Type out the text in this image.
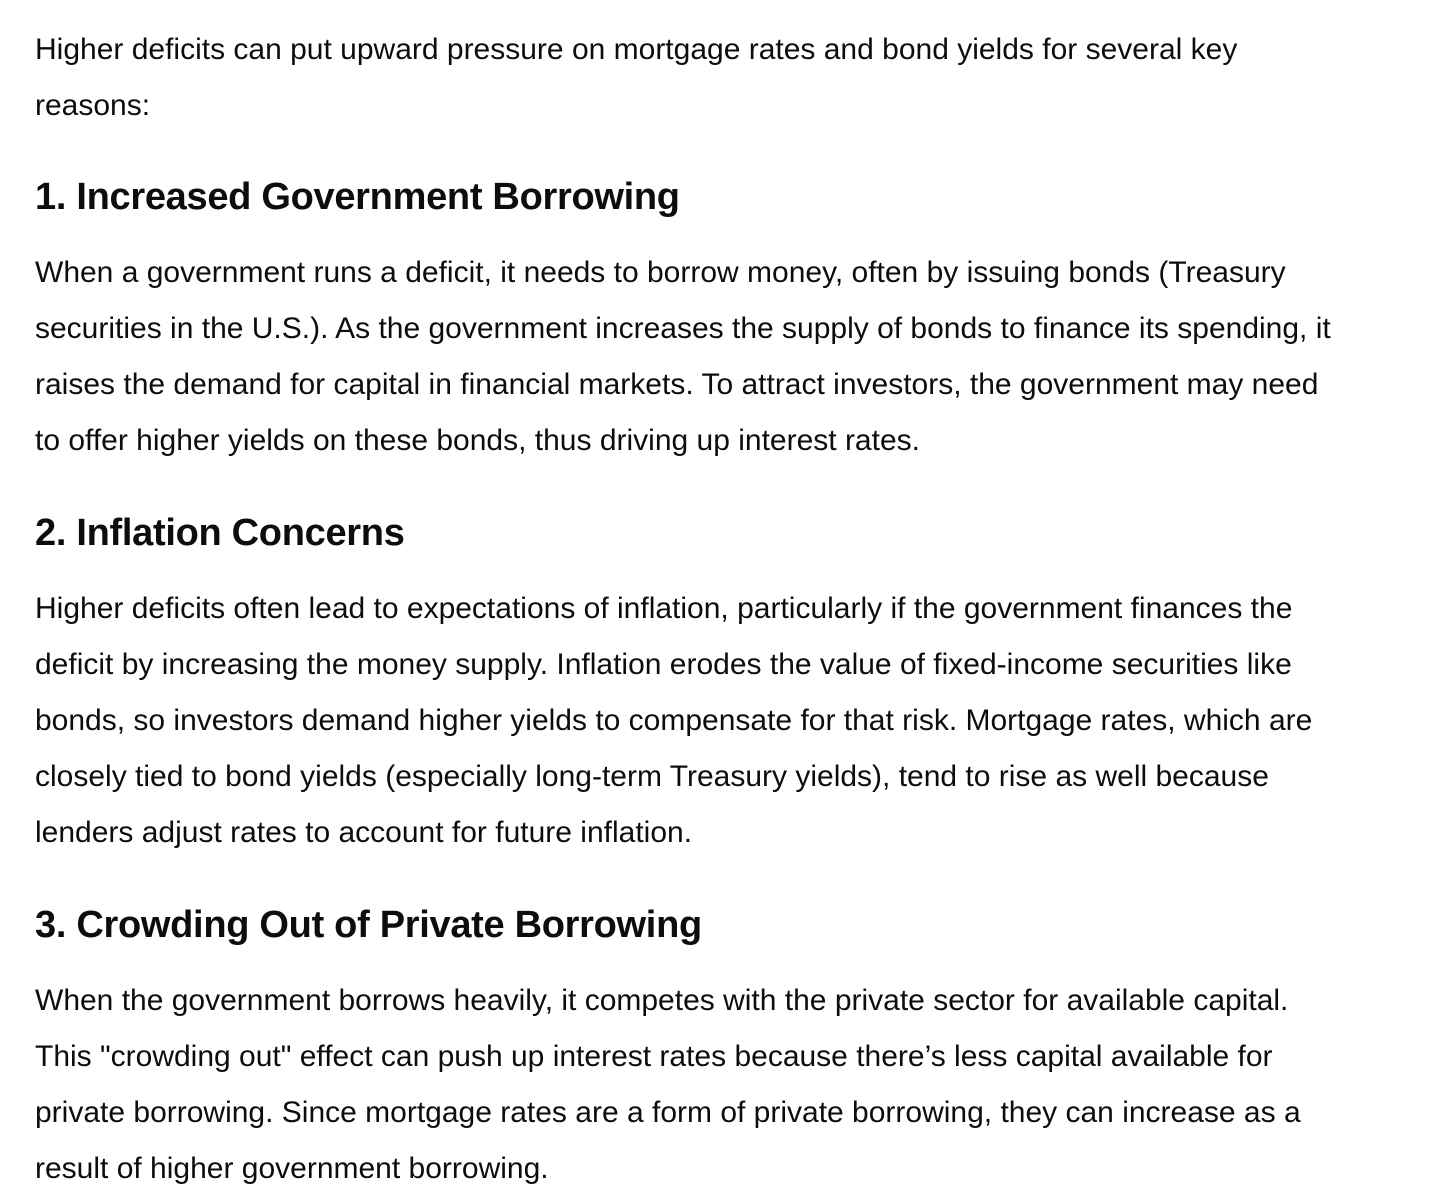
Higher deficits can put upward pressure on mortgage rates and bond yields for several key
reasons:

1. Increased Government Borrowing

When a government runs a deficit, it needs to borrow money, often by issuing bonds (Treasury
securities in the U.S.). As the government increases the supply of bonds to finance its spending, it
raises the demand for capital in financial markets. To attract investors, the government may need
to offer higher yields on these bonds, thus driving up interest rates.

2. Inflation Concerns

Higher deficits often lead to expectations of inflation, particularly if the government finances the
deficit by increasing the money supply. Inflation erodes the value of fixed-income securities like
bonds, so investors demand higher yields to compensate for that risk. Mortgage rates, which are
closely tied to bond yields (especially long-term Treasury yields), tend to rise as well because
lenders adjust rates to account for future inflation.

3. Crowding Out of Private Borrowing

When the government borrows heavily, it competes with the private sector for available capital.
This "crowding out" effect can push up interest rates because there’s less capital available for
private borrowing. Since mortgage rates are a form of private borrowing, they can increase as a
result of higher government borrowing.
